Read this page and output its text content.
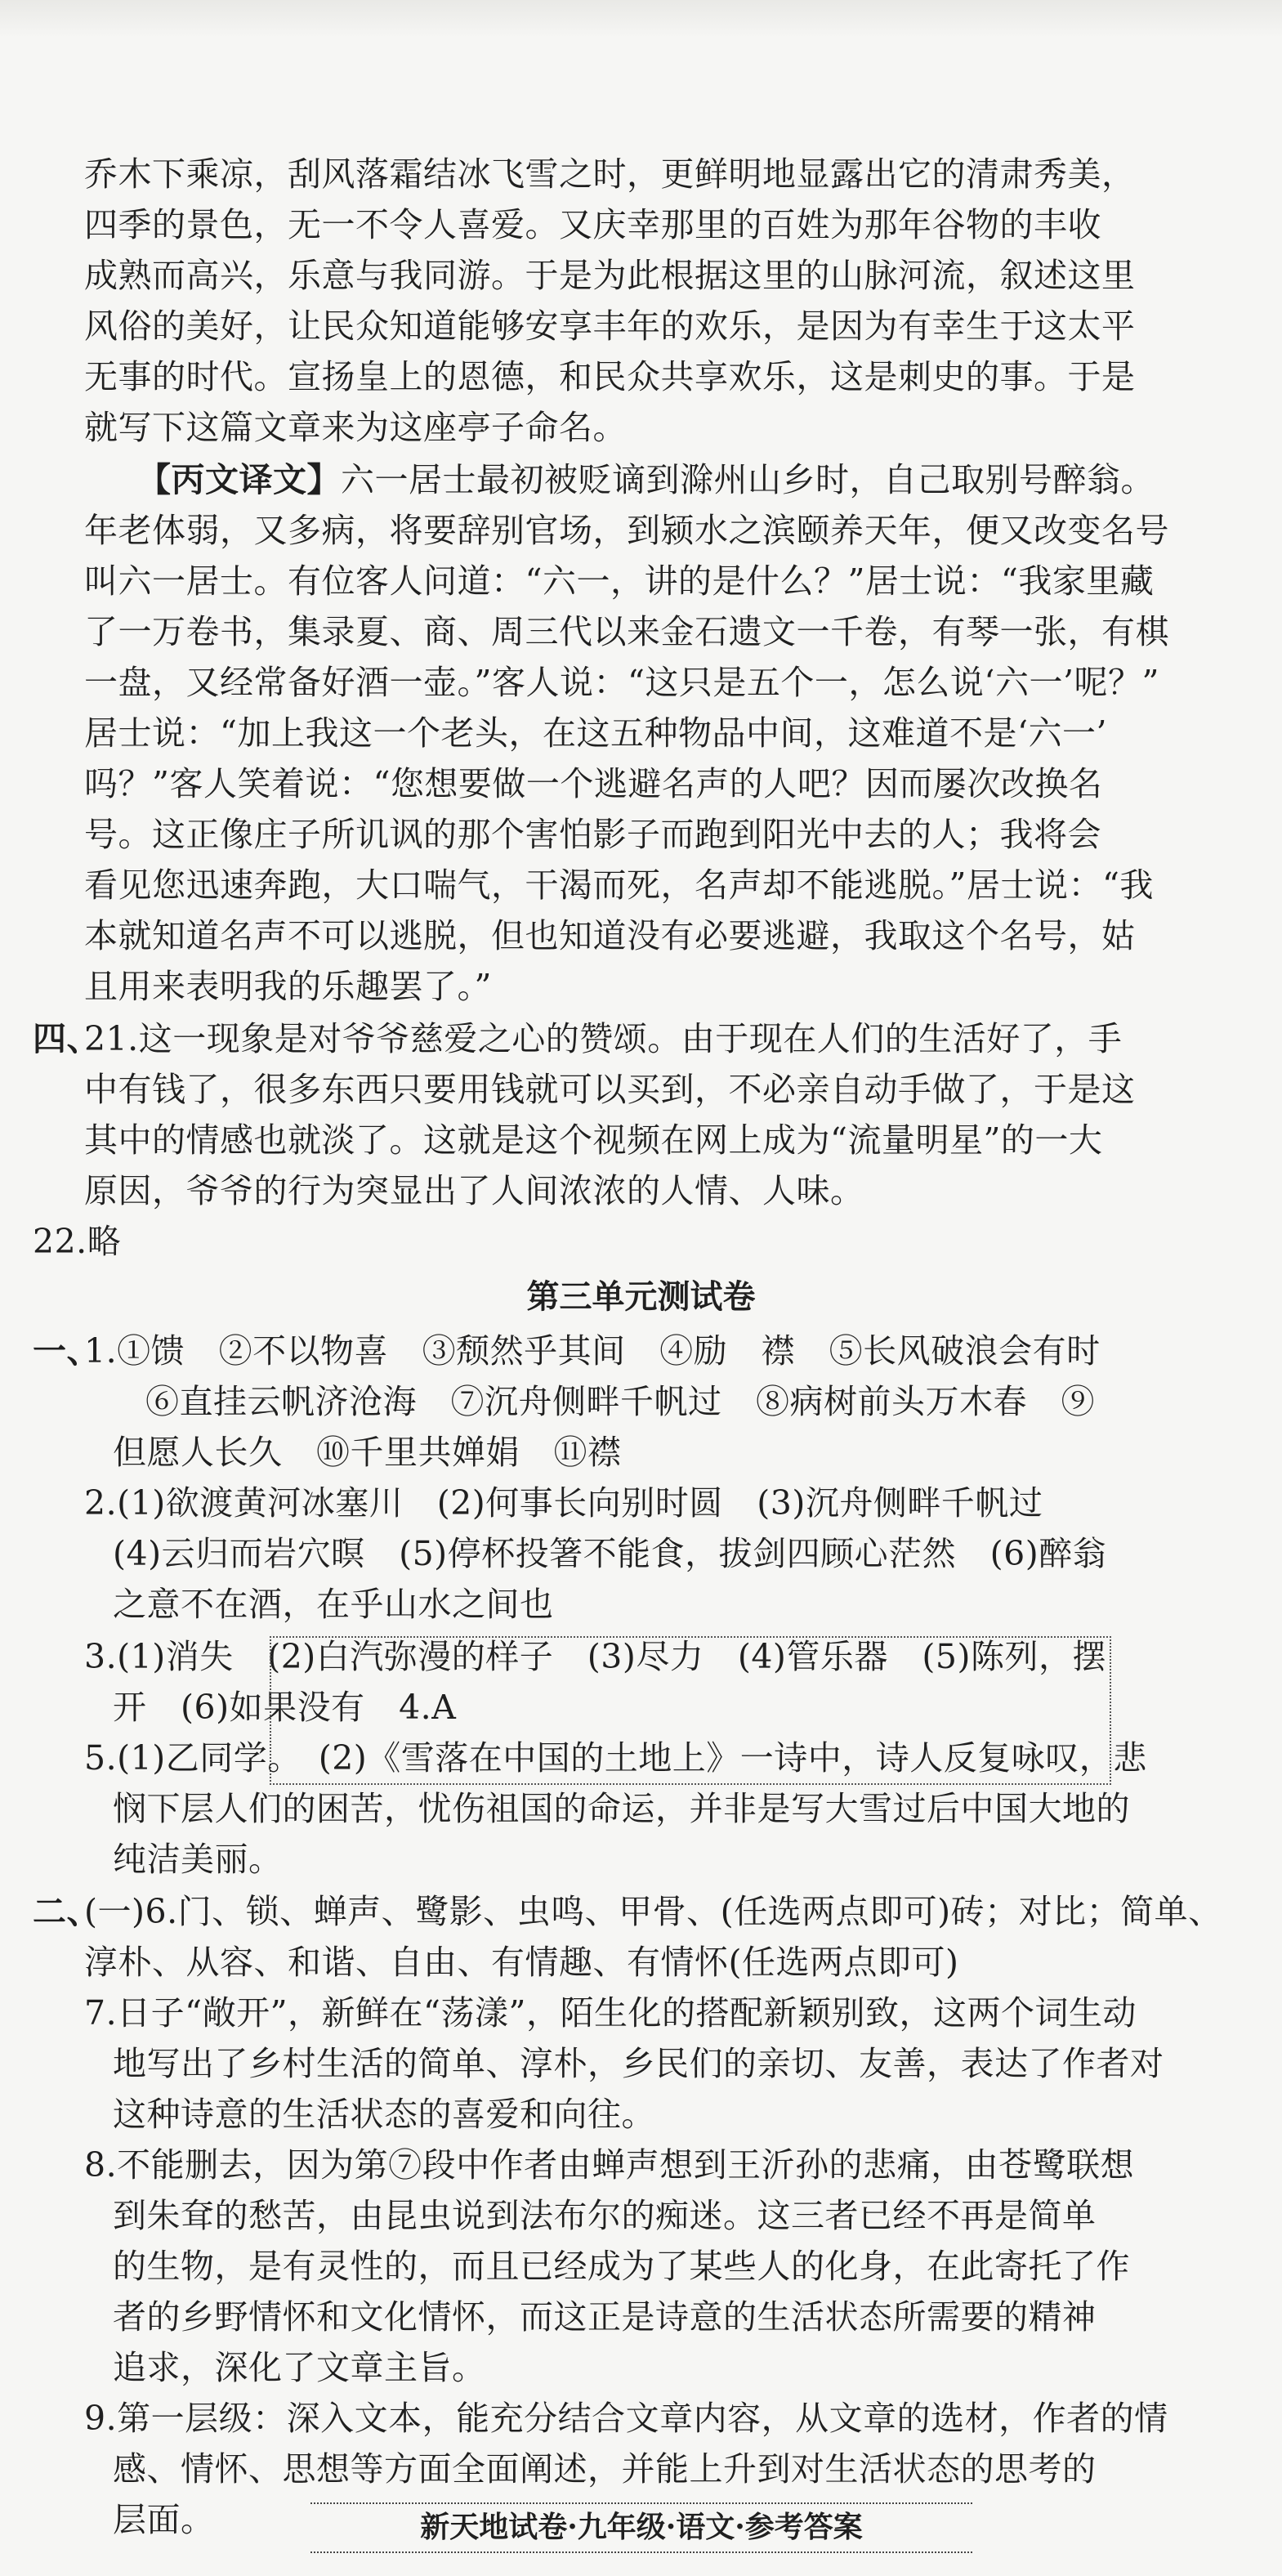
乔木下乘凉，刮风落霜结冰飞雪之时，更鲜明地显露出它的清肃秀美，
四季的景色，无一不令人喜爱。又庆幸那里的百姓为那年谷物的丰收
成熟而高兴，乐意与我同游。于是为此根据这里的山脉河流，叙述这里
风俗的美好，让民众知道能够安享丰年的欢乐，是因为有幸生于这太平
无事的时代。宣扬皇上的恩德，和民众共享欢乐，这是刺史的事。于是
就写下这篇文章来为这座亭子命名。
【丙文译文】六一居士最初被贬谪到滁州山乡时，自己取别号醉翁。
年老体弱，又多病，将要辞别官场，到颍水之滨颐养天年，便又改变名号
叫六一居士。有位客人问道：“六一，讲的是什么？”居士说：“我家里藏
了一万卷书，集录夏、商、周三代以来金石遗文一千卷，有琴一张，有棋
一盘，又经常备好酒一壶。”客人说：“这只是五个一，怎么说‘六一’呢？”
居士说：“加上我这一个老头，在这五种物品中间，这难道不是‘六一’
吗？”客人笑着说：“您想要做一个逃避名声的人吧？因而屡次改换名
号。这正像庄子所讥讽的那个害怕影子而跑到阳光中去的人；我将会
看见您迅速奔跑，大口喘气，干渴而死，名声却不能逃脱。”居士说：“我
本就知道名声不可以逃脱，但也知道没有必要逃避，我取这个名号，姑
且用来表明我的乐趣罢了。”
四、
21.这一现象是对爷爷慈爱之心的赞颂。由于现在人们的生活好了，手
中有钱了，很多东西只要用钱就可以买到，不必亲自动手做了，于是这
其中的情感也就淡了。这就是这个视频在网上成为“流量明星”的一大
原因，爷爷的行为突显出了人间浓浓的人情、人味。
22.略
第三单元测试卷
一、
1.①馈　②不以物喜　③颓然乎其间　④励　襟　⑤长风破浪会有时
⑥直挂云帆济沧海　⑦沉舟侧畔千帆过　⑧病树前头万木春　⑨
但愿人长久　⑩千里共婵娟　⑪襟
2.(1)欲渡黄河冰塞川　(2)何事长向别时圆　(3)沉舟侧畔千帆过
(4)云归而岩穴暝　(5)停杯投箸不能食，拔剑四顾心茫然　(6)醉翁
之意不在酒，在乎山水之间也
3.(1)消失　(2)白汽弥漫的样子　(3)尽力　(4)管乐器　(5)陈列，摆
开　(6)如果没有　4.A
5.(1)乙同学。　(2)《雪落在中国的土地上》一诗中，诗人反复咏叹，悲
悯下层人们的困苦，忧伤祖国的命运，并非是写大雪过后中国大地的
纯洁美丽。
二、
(一)6.门、锁、蝉声、鹭影、虫鸣、甲骨、(任选两点即可)砖；对比；简单、
淳朴、从容、和谐、自由、有情趣、有情怀(任选两点即可)
7.日子“敞开”，新鲜在“荡漾”，陌生化的搭配新颖别致，这两个词生动
地写出了乡村生活的简单、淳朴，乡民们的亲切、友善，表达了作者对
这种诗意的生活状态的喜爱和向往。
8.不能删去，因为第⑦段中作者由蝉声想到王沂孙的悲痛，由苍鹭联想
到朱耷的愁苦，由昆虫说到法布尔的痴迷。这三者已经不再是简单
的生物，是有灵性的，而且已经成为了某些人的化身，在此寄托了作
者的乡野情怀和文化情怀，而这正是诗意的生活状态所需要的精神
追求，深化了文章主旨。
9.第一层级：深入文本，能充分结合文章内容，从文章的选材，作者的情
感、情怀、思想等方面全面阐述，并能上升到对生活状态的思考的
新天地试卷·九年级·语文·参考答案
层面。
